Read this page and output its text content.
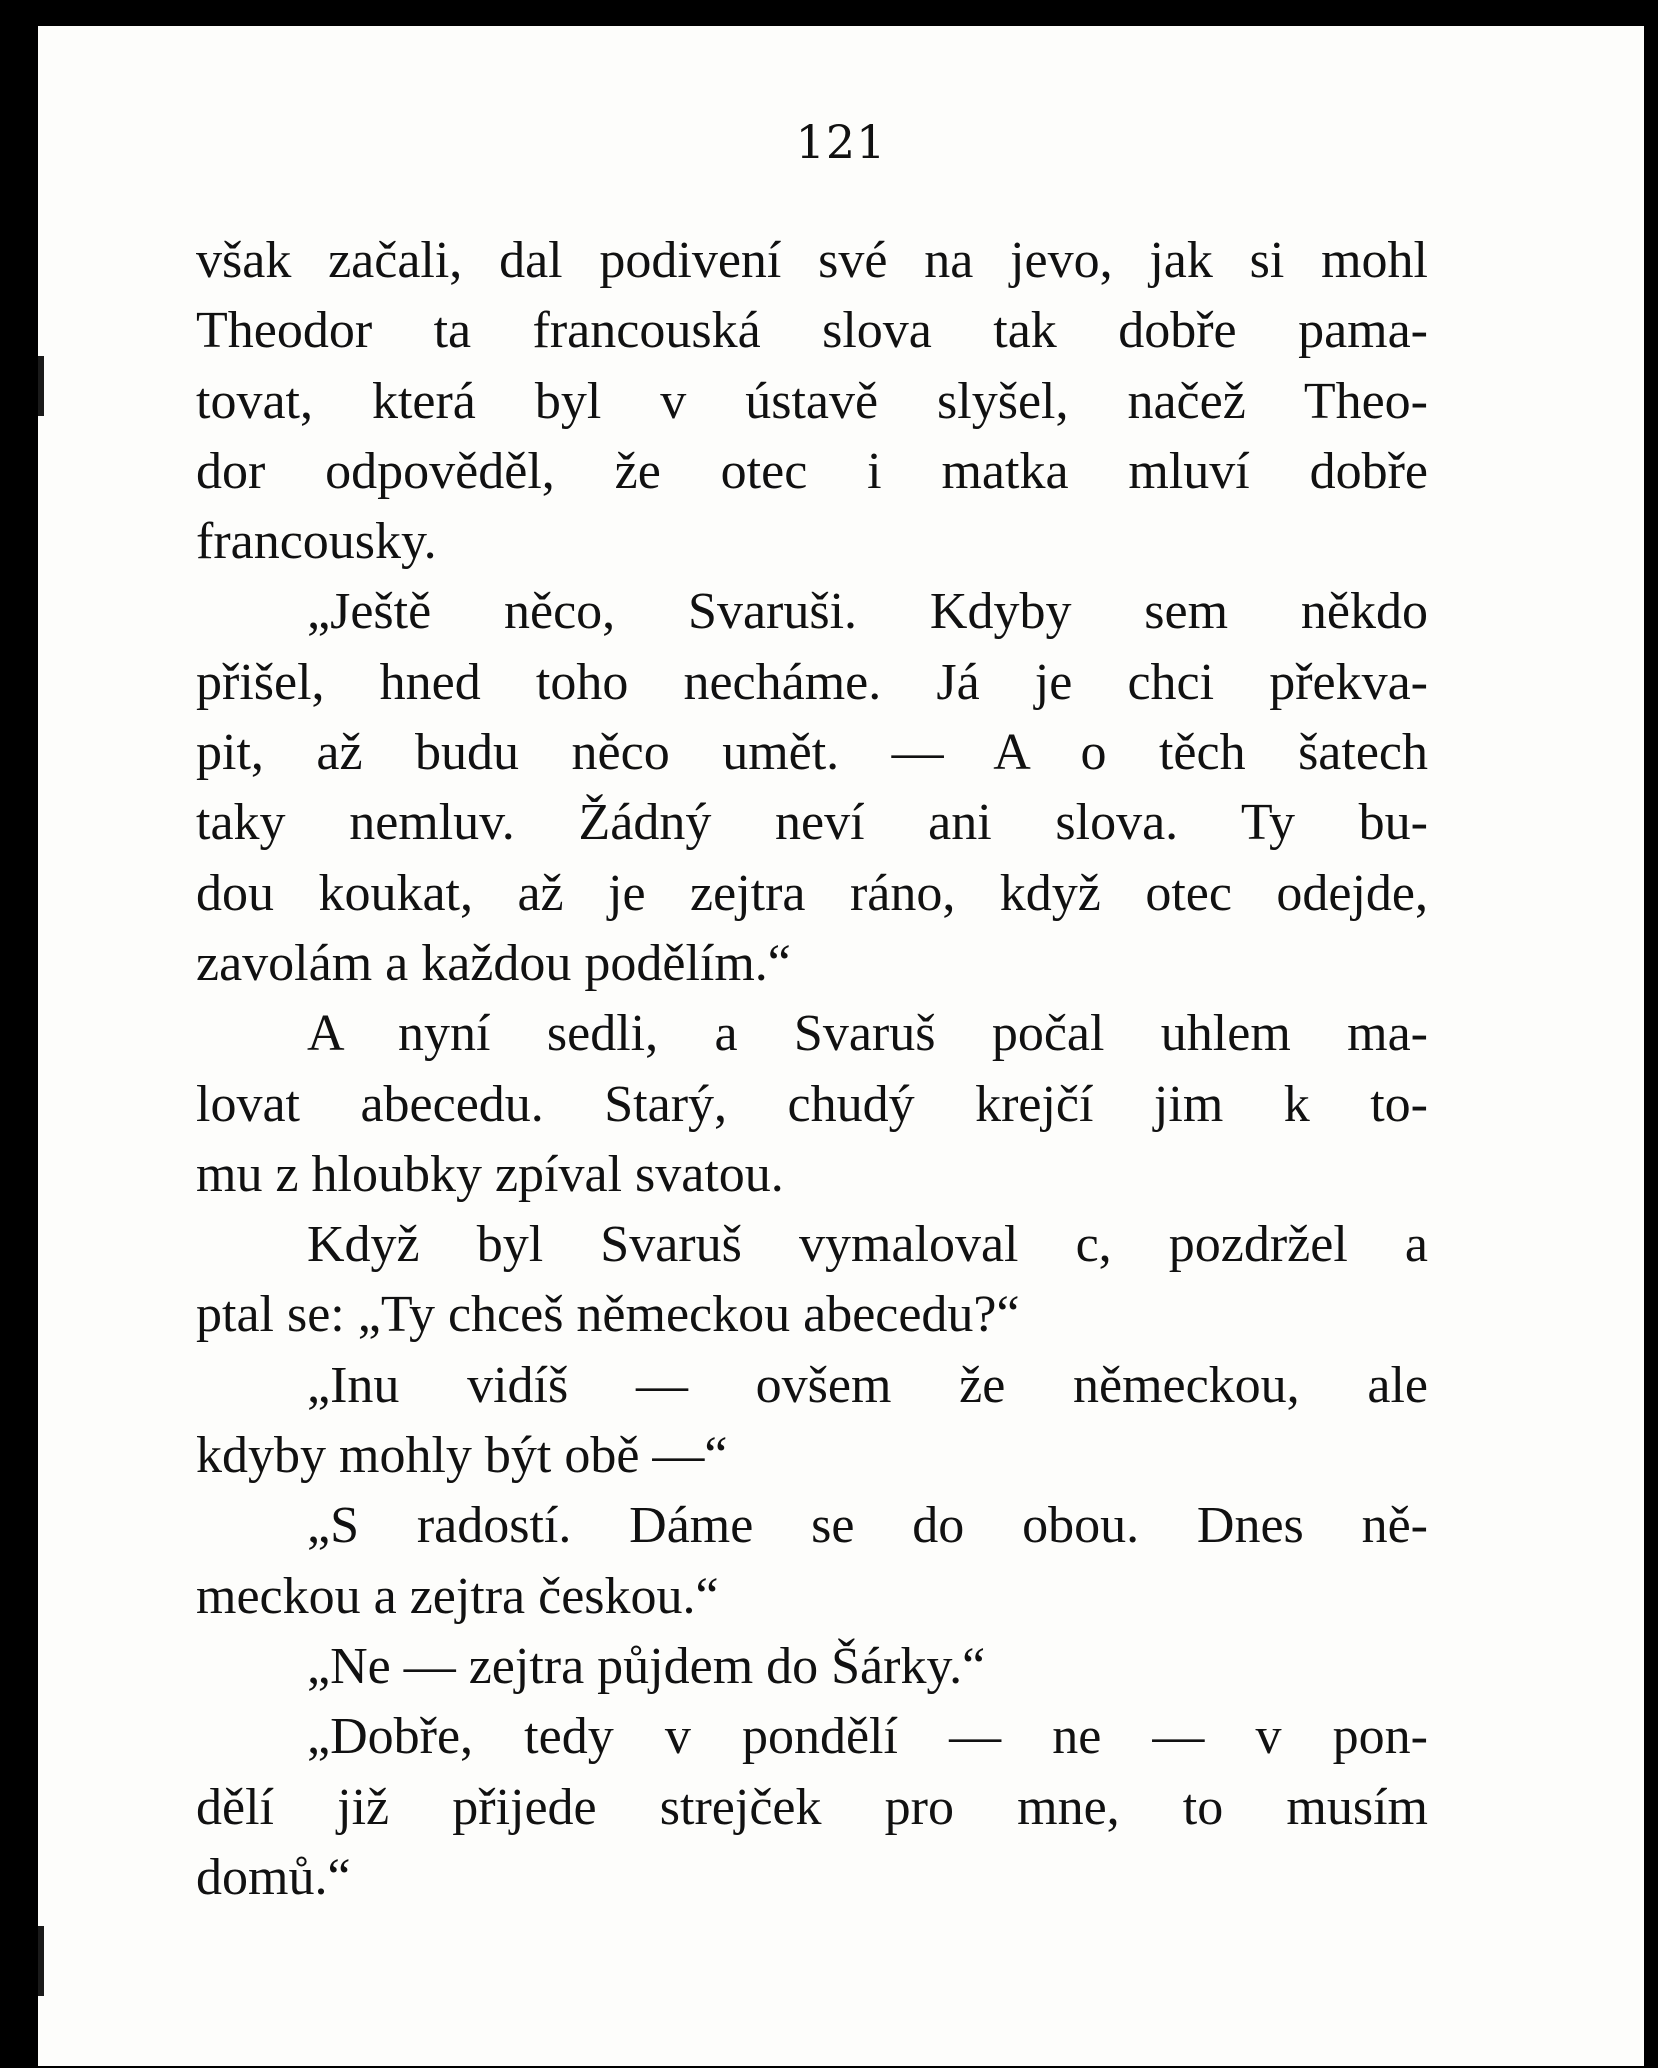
121
však začali, dal podivení své na jevo, jak si mohl
Theodor ta francouská slova tak dobře pama-
tovat, která byl v ústavě slyšel, načež Theo-
dor odpověděl, že otec i matka mluví dobře
francousky.
„Ještě něco, Svaruši. Kdyby sem někdo
přišel, hned toho necháme. Já je chci překva-
pit, až budu něco umět. — A o těch šatech
taky nemluv. Žádný neví ani slova. Ty bu-
dou koukat, až je zejtra ráno, když otec odejde,
zavolám a každou podělím.“
A nyní sedli, a Svaruš počal uhlem ma-
lovat abecedu. Starý, chudý krejčí jim k to-
mu z hloubky zpíval svatou.
Když byl Svaruš vymaloval c, pozdržel a
ptal se: „Ty chceš německou abecedu?“
„Inu vidíš — ovšem že německou, ale
kdyby mohly být obě —“
„S radostí. Dáme se do obou. Dnes ně-
meckou a zejtra českou.“
„Ne — zejtra půjdem do Šárky.“
„Dobře, tedy v pondělí — ne — v pon-
dělí již přijede strejček pro mne, to musím
domů.“
